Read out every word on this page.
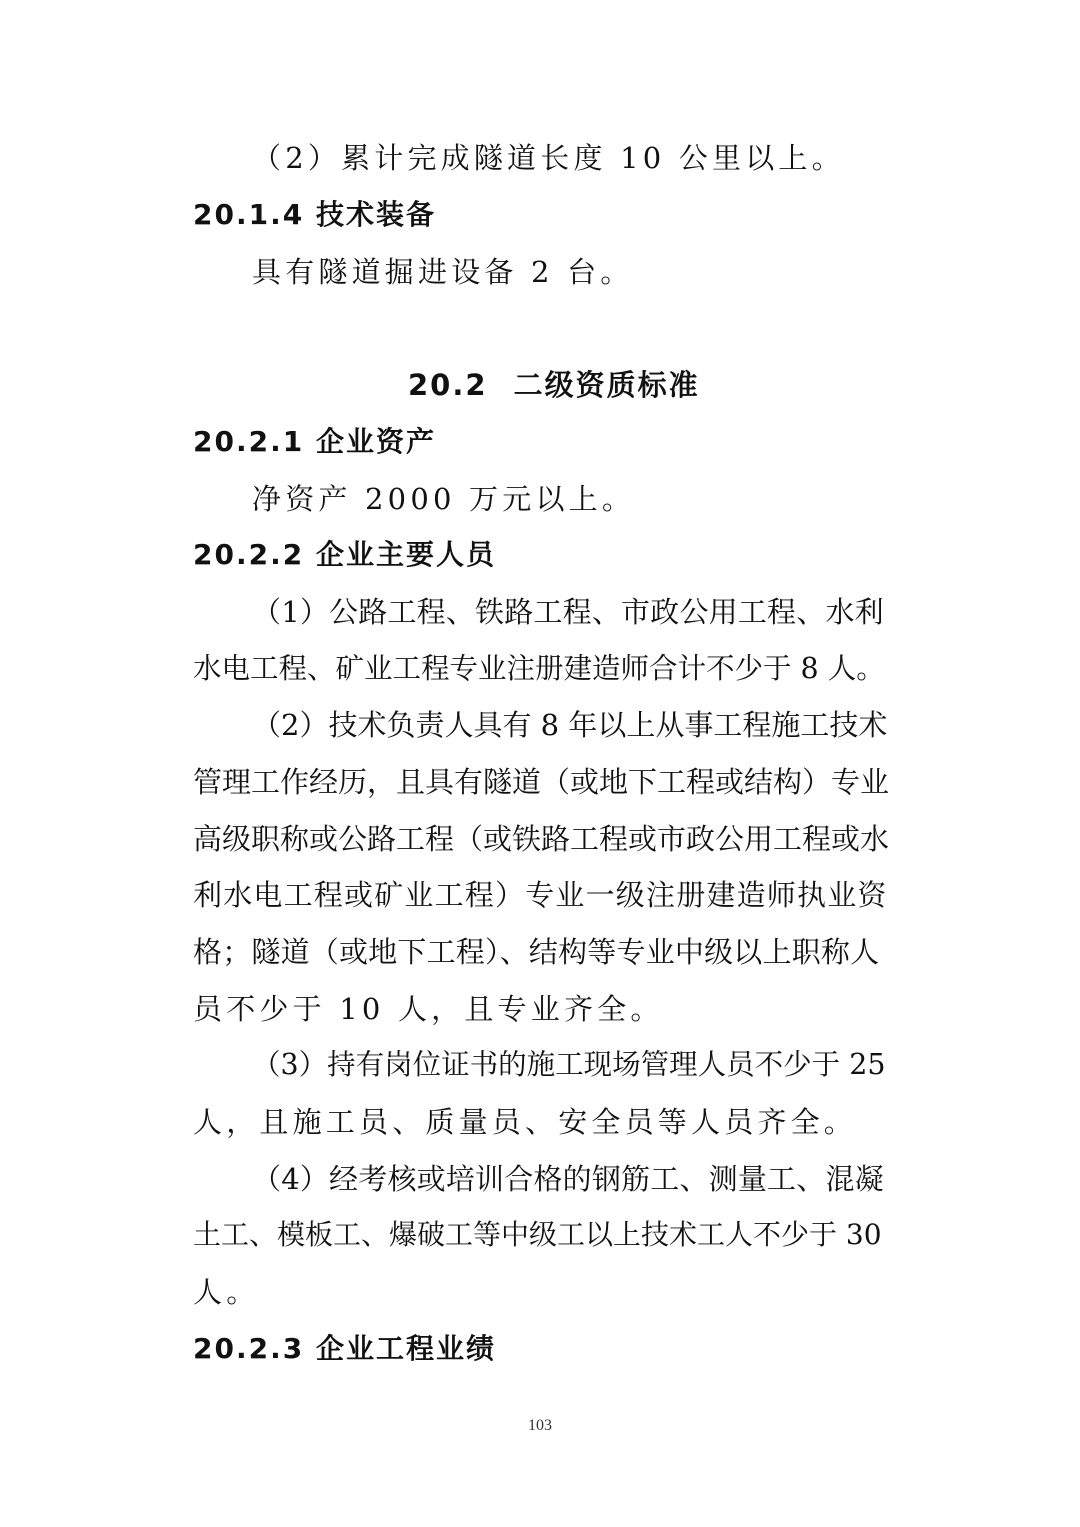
（2）累计完成隧道长度 10 公里以上。
20.1.4 技术装备
具有隧道掘进设备 2 台。
20.2 二级资质标准
20.2.1 企业资产
净资产 2000 万元以上。
20.2.2 企业主要人员
（1）公路工程、铁路工程、市政公用工程、水利
水电工程、矿业工程专业注册建造师合计不少于 8 人。
（2）技术负责人具有 8 年以上从事工程施工技术
管理工作经历，且具有隧道（或地下工程或结构）专业
高级职称或公路工程（或铁路工程或市政公用工程或水
利水电工程或矿业工程）专业一级注册建造师执业资
格；隧道（或地下工程）、结构等专业中级以上职称人
员不少于 10 人，且专业齐全。
（3）持有岗位证书的施工现场管理人员不少于 25
人，且施工员、质量员、安全员等人员齐全。
（4）经考核或培训合格的钢筋工、测量工、混凝
土工、模板工、爆破工等中级工以上技术工人不少于 30
人。
20.2.3 企业工程业绩
103
